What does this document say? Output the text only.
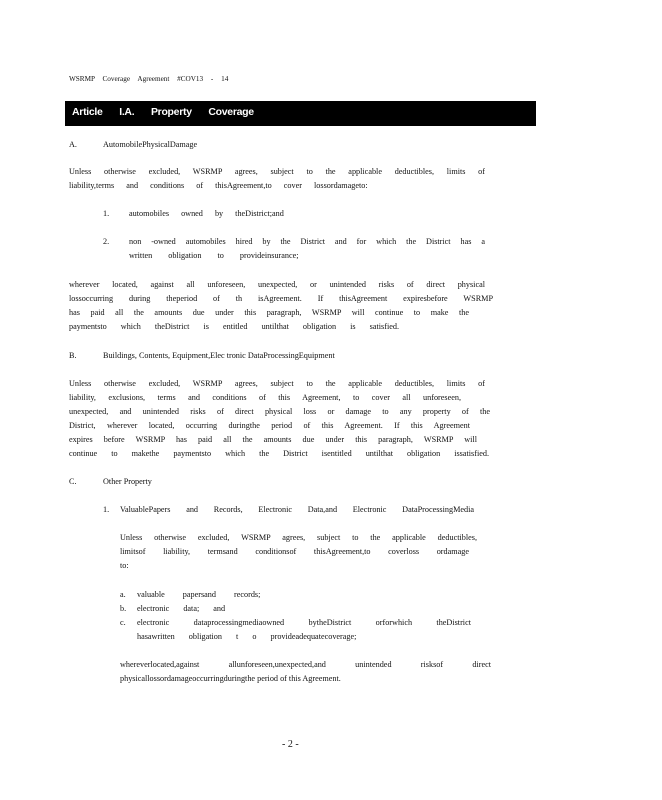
WSRMP Coverage Agreement #COV13 - 14
Article I.A. Property Coverage
A.	AutomobilePhysicalDamage
Unless otherwise excluded, WSRMP agrees, subject to the applicable deductibles, limits of
liability,terms and conditions of thisAgreement,to cover lossordamageto:
1. automobiles owned by theDistrict;and
2. non -owned automobiles hired by the District and for which the District has a
written obligation to provideinsurance;
wherever located, against all unforeseen, unexpected, or unintended risks of direct physical
lossoccurring during theperiod of th isAgreement. If thisAgreement expiresbefore WSRMP
has paid all the amounts due under this paragraph, WSRMP will continue to make the
paymentsto which theDistrict is entitled untilthat obligation is satisfied.
B.	Buildings, Contents, Equipment,Elec tronic DataProcessingEquipment
Unless otherwise excluded, WSRMP agrees, subject to the applicable deductibles, limits of
liability, exclusions, terms and conditions of this Agreement, to cover all unforeseen,
unexpected, and unintended risks of direct physical loss or damage to any property of the
District, wherever located, occurring duringthe period of this Agreement. If this Agreement
expires before WSRMP has paid all the amounts due under this paragraph, WSRMP will
continue to makethe paymentsto which the District isentitled untilthat obligation issatisfied.
C.	Other Property
1. ValuablePapers and Records, Electronic Data,and Electronic DataProcessingMedia
Unless otherwise excluded, WSRMP agrees, subject to the applicable deductibles,
limitsof liability, termsand conditionsof thisAgreement,to coverloss ordamage
to:
a. valuable papersand records;
b. electronic data; and
c. electronic dataprocessingmediaowned bytheDistrict orforwhich theDistrict
hasawritten obligation t o provideadequatecoverage;
whereverlocated,against allunforeseen,unexpected,and unintended risksof direct
physicallossordamageoccurringduringthe period of this Agreement.
- 2 -
